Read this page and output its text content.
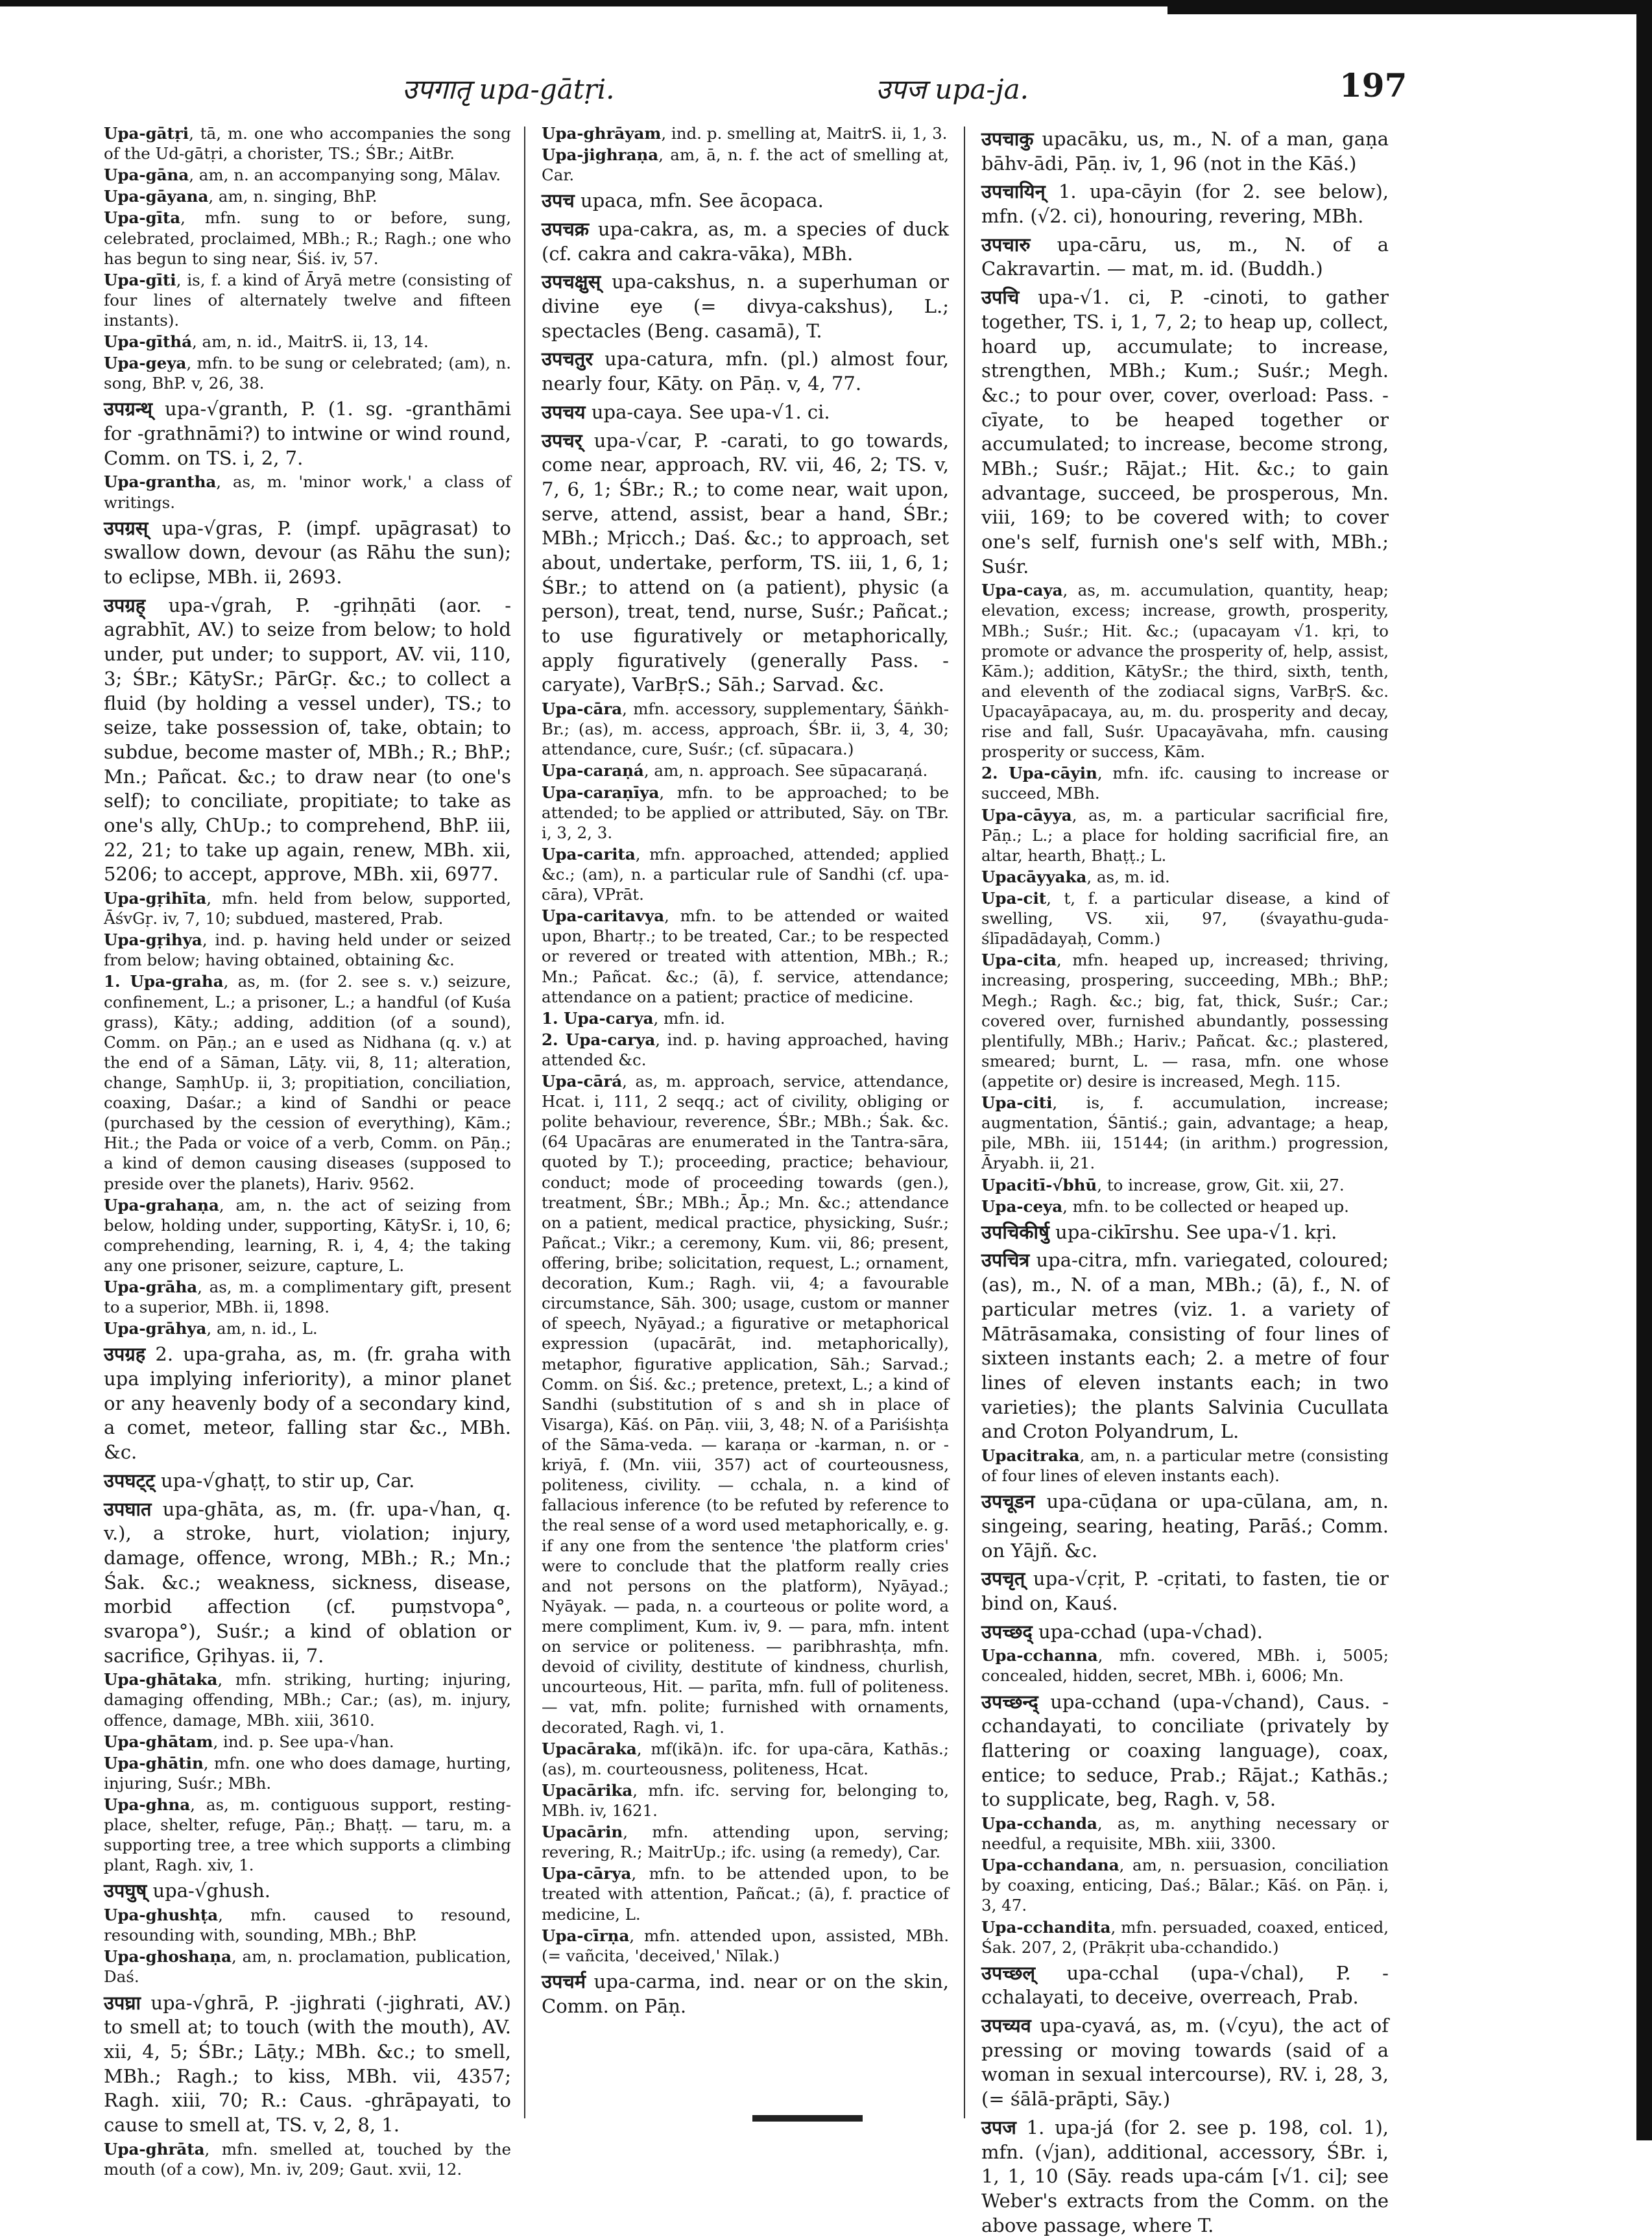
उपगातृ upa-gātṛi.	उपज upa-ja.	197

Upa-gātṛi, tā, m. one who accompanies the song of the Ud-gātṛi, a chorister, TS.; ŚBr.; AitBr.

Upa-gāna, am, n. an accompanying song, Mālav.

Upa-gāyana, am, n. singing, BhP.

Upa-gīta, mfn. sung to or before, sung, celebrated, proclaimed, MBh.; R.; Ragh.; one who has begun to sing near, Śiś. iv, 57.

Upa-gīti, is, f. a kind of Āryā metre (consisting of four lines of alternately twelve and fifteen instants).

Upa-gīthá, am, n. id., MaitrS. ii, 13, 14.

Upa-geya, mfn. to be sung or celebrated; (am), n. song, BhP. v, 26, 38.

उपग्रन्थ् upa-√granth, P. (1. sg. -granthāmi for -grathnāmi?) to intwine or wind round, Comm. on TS. i, 2, 7.

Upa-grantha, as, m. 'minor work,' a class of writings.

उपग्रस् upa-√gras, P. (impf. upāgrasat) to swallow down, devour (as Rāhu the sun); to eclipse, MBh. ii, 2693.

उपग्रह् upa-√grah, P. -gṛihṇāti (aor. -agrabhīt, AV.) to seize from below; to hold under, put under; to support, AV. vii, 110, 3; ŚBr.; KātySr.; PārGṛ. &c.; to collect a fluid (by holding a vessel under), TS.; to seize, take possession of, take, obtain; to subdue, become master of, MBh.; R.; BhP.; Mn.; Pañcat. &c.; to draw near (to one's self); to conciliate, propitiate; to take as one's ally, ChUp.; to comprehend, BhP. iii, 22, 21; to take up again, renew, MBh. xii, 5206; to accept, approve, MBh. xii, 6977.

Upa-gṛihīta, mfn. held from below, supported, ĀśvGṛ. iv, 7, 10; subdued, mastered, Prab.

Upa-gṛihya, ind. p. having held under or seized from below; having obtained, obtaining &c.

1. Upa-graha, as, m. (for 2. see s. v.) seizure, confinement, L.; a prisoner, L.; a handful (of Kuśa grass), Kāty.; adding, addition (of a sound), Comm. on Pāṇ.; an e used as Nidhana (q. v.) at the end of a Sāman, Lāṭy. vii, 8, 11; alteration, change, SaṃhUp. ii, 3; propitiation, conciliation, coaxing, Daśar.; a kind of Sandhi or peace (purchased by the cession of everything), Kām.; Hit.; the Pada or voice of a verb, Comm. on Pāṇ.; a kind of demon causing diseases (supposed to preside over the planets), Hariv. 9562.

Upa-grahaṇa, am, n. the act of seizing from below, holding under, supporting, KātySr. i, 10, 6; comprehending, learning, R. i, 4, 4; the taking any one prisoner, seizure, capture, L.

Upa-grāha, as, m. a complimentary gift, present to a superior, MBh. ii, 1898.

Upa-grāhya, am, n. id., L.

उपग्रह 2. upa-graha, as, m. (fr. graha with upa implying inferiority), a minor planet or any heavenly body of a secondary kind, a comet, meteor, falling star &c., MBh. &c.

उपघट्ट् upa-√ghaṭṭ, to stir up, Car.

उपघात upa-ghāta, as, m. (fr. upa-√han, q. v.), a stroke, hurt, violation; injury, damage, offence, wrong, MBh.; R.; Mn.; Śak. &c.; weakness, sickness, disease, morbid affection (cf. puṃstvopa°, svaropa°), Suśr.; a kind of oblation or sacrifice, Gṛihyas. ii, 7.

Upa-ghātaka, mfn. striking, hurting; injuring, damaging offending, MBh.; Car.; (as), m. injury, offence, damage, MBh. xiii, 3610.

Upa-ghātam, ind. p. See upa-√han.

Upa-ghātin, mfn. one who does damage, hurting, injuring, Suśr.; MBh.

Upa-ghna, as, m. contiguous support, resting-place, shelter, refuge, Pāṇ.; Bhaṭṭ. — taru, m. a supporting tree, a tree which supports a climbing plant, Ragh. xiv, 1.

उपघुष् upa-√ghush.

Upa-ghushṭa, mfn. caused to resound, resounding with, sounding, MBh.; BhP.

Upa-ghoshaṇa, am, n. proclamation, publication, Daś.

उपघ्रा upa-√ghrā, P. -jighrati (-jighrati, AV.) to smell at; to touch (with the mouth), AV. xii, 4, 5; ŚBr.; Lāṭy.; MBh. &c.; to smell, MBh.; Ragh.; to kiss, MBh. vii, 4357; Ragh. xiii, 70; R.: Caus. -ghrāpayati, to cause to smell at, TS. v, 2, 8, 1.

Upa-ghrāta, mfn. smelled at, touched by the mouth (of a cow), Mn. iv, 209; Gaut. xvii, 12.

Upa-ghrāyam, ind. p. smelling at, MaitrS. ii, 1, 3.

Upa-jighraṇa, am, ā, n. f. the act of smelling at, Car.

उपच upaca, mfn. See ācopaca.

उपचक्र upa-cakra, as, m. a species of duck (cf. cakra and cakra-vāka), MBh.

उपचक्षुस् upa-cakshus, n. a superhuman or divine eye (= divya-cakshus), L.; spectacles (Beng. casamā), T.

उपचतुर upa-catura, mfn. (pl.) almost four, nearly four, Kāty. on Pāṇ. v, 4, 77.

उपचय upa-caya. See upa-√1. ci.

उपचर् upa-√car, P. -carati, to go towards, come near, approach, RV. vii, 46, 2; TS. v, 7, 6, 1; ŚBr.; R.; to come near, wait upon, serve, attend, assist, bear a hand, ŚBr.; MBh.; Mṛicch.; Daś. &c.; to approach, set about, undertake, perform, TS. iii, 1, 6, 1; ŚBr.; to attend on (a patient), physic (a person), treat, tend, nurse, Suśr.; Pañcat.; to use figuratively or metaphorically, apply figuratively (generally Pass. -caryate), VarBṛS.; Sāh.; Sarvad. &c.

Upa-cāra, mfn. accessory, supplementary, Śāṅkh-Br.; (as), m. access, approach, ŚBr. ii, 3, 4, 30; attendance, cure, Suśr.; (cf. sūpacara.)

Upa-caraṇá, am, n. approach. See sūpacaraṇá.

Upa-caraṇīya, mfn. to be approached; to be attended; to be applied or attributed, Sāy. on TBr. i, 3, 2, 3.

Upa-carita, mfn. approached, attended; applied &c.; (am), n. a particular rule of Sandhi (cf. upa-cāra), VPrāt.

Upa-caritavya, mfn. to be attended or waited upon, Bhartṛ.; to be treated, Car.; to be respected or revered or treated with attention, MBh.; R.; Mn.; Pañcat. &c.; (ā), f. service, attendance; attendance on a patient; practice of medicine.

1. Upa-carya, mfn. id.

2. Upa-carya, ind. p. having approached, having attended &c.

Upa-cārá, as, m. approach, service, attendance, Hcat. i, 111, 2 seqq.; act of civility, obliging or polite behaviour, reverence, ŚBr.; MBh.; Śak. &c. (64 Upacāras are enumerated in the Tantra-sāra, quoted by T.); proceeding, practice; behaviour, conduct; mode of proceeding towards (gen.), treatment, ŚBr.; MBh.; Āp.; Mn. &c.; attendance on a patient, medical practice, physicking, Suśr.; Pañcat.; Vikr.; a ceremony, Kum. vii, 86; present, offering, bribe; solicitation, request, L.; ornament, decoration, Kum.; Ragh. vii, 4; a favourable circumstance, Sāh. 300; usage, custom or manner of speech, Nyāyad.; a figurative or metaphorical expression (upacārāt, ind. metaphorically), metaphor, figurative application, Sāh.; Sarvad.; Comm. on Śiś. &c.; pretence, pretext, L.; a kind of Sandhi (substitution of s and sh in place of Visarga), Kāś. on Pāṇ. viii, 3, 48; N. of a Pariśishṭa of the Sāma-veda. — karaṇa or -karman, n. or -kriyā, f. (Mn. viii, 357) act of courteousness, politeness, civility. — cchala, n. a kind of fallacious inference (to be refuted by reference to the real sense of a word used metaphorically, e. g. if any one from the sentence 'the platform cries' were to conclude that the platform really cries and not persons on the platform), Nyāyad.; Nyāyak. — pada, n. a courteous or polite word, a mere compliment, Kum. iv, 9. — para, mfn. intent on service or politeness. — paribhrashṭa, mfn. devoid of civility, destitute of kindness, churlish, uncourteous, Hit. — parīta, mfn. full of politeness. — vat, mfn. polite; furnished with ornaments, decorated, Ragh. vi, 1.

Upacāraka, mf(ikā)n. ifc. for upa-cāra, Kathās.; (as), m. courteousness, politeness, Hcat.

Upacārika, mfn. ifc. serving for, belonging to, MBh. iv, 1621.

Upacārin, mfn. attending upon, serving; revering, R.; MaitrUp.; ifc. using (a remedy), Car.

Upa-cārya, mfn. to be attended upon, to be treated with attention, Pañcat.; (ā), f. practice of medicine, L.

Upa-cīrṇa, mfn. attended upon, assisted, MBh. (= vañcita, 'deceived,' Nīlak.)

उपचर्म upa-carma, ind. near or on the skin, Comm. on Pāṇ.

उपचाकु upacāku, us, m., N. of a man, gaṇa bāhv-ādi, Pāṇ. iv, 1, 96 (not in the Kāś.)

उपचायिन् 1. upa-cāyin (for 2. see below), mfn. (√2. ci), honouring, revering, MBh.

उपचारु upa-cāru, us, m., N. of a Cakravartin. — mat, m. id. (Buddh.)

उपचि upa-√1. ci, P. -cinoti, to gather together, TS. i, 1, 7, 2; to heap up, collect, hoard up, accumulate; to increase, strengthen, MBh.; Kum.; Suśr.; Megh. &c.; to pour over, cover, overload: Pass. -cīyate, to be heaped together or accumulated; to increase, become strong, MBh.; Suśr.; Rājat.; Hit. &c.; to gain advantage, succeed, be prosperous, Mn. viii, 169; to be covered with; to cover one's self, furnish one's self with, MBh.; Suśr.

Upa-caya, as, m. accumulation, quantity, heap; elevation, excess; increase, growth, prosperity, MBh.; Suśr.; Hit. &c.; (upacayam √1. kṛi, to promote or advance the prosperity of, help, assist, Kām.); addition, KātySr.; the third, sixth, tenth, and eleventh of the zodiacal signs, VarBṛS. &c. Upacayāpacaya, au, m. du. prosperity and decay, rise and fall, Suśr. Upacayāvaha, mfn. causing prosperity or success, Kām.

2. Upa-cāyin, mfn. ifc. causing to increase or succeed, MBh.

Upa-cāyya, as, m. a particular sacrificial fire, Pāṇ.; L.; a place for holding sacrificial fire, an altar, hearth, Bhaṭṭ.; L.

Upacāyyaka, as, m. id.

Upa-cit, t, f. a particular disease, a kind of swelling, VS. xii, 97, (śvayathu-guda-ślīpadādayaḥ, Comm.)

Upa-cita, mfn. heaped up, increased; thriving, increasing, prospering, succeeding, MBh.; BhP.; Megh.; Ragh. &c.; big, fat, thick, Suśr.; Car.; covered over, furnished abundantly, possessing plentifully, MBh.; Hariv.; Pañcat. &c.; plastered, smeared; burnt, L. — rasa, mfn. one whose (appetite or) desire is increased, Megh. 115.

Upa-citi, is, f. accumulation, increase; augmentation, Śāntiś.; gain, advantage; a heap, pile, MBh. iii, 15144; (in arithm.) progression, Āryabh. ii, 21.

Upacitī-√bhū, to increase, grow, Git. xii, 27.

Upa-ceya, mfn. to be collected or heaped up.

उपचिकीर्षु upa-cikīrshu. See upa-√1. kṛi.

उपचित्र upa-citra, mfn. variegated, coloured; (as), m., N. of a man, MBh.; (ā), f., N. of particular metres (viz. 1. a variety of Mātrāsamaka, consisting of four lines of sixteen instants each; 2. a metre of four lines of eleven instants each; in two varieties); the plants Salvinia Cucullata and Croton Polyandrum, L.

Upacitraka, am, n. a particular metre (consisting of four lines of eleven instants each).

उपचूडन upa-cūḍana or upa-cūlana, am, n. singeing, searing, heating, Parāś.; Comm. on Yājñ. &c.

उपचृत् upa-√cṛit, P. -cṛitati, to fasten, tie or bind on, Kauś.

उपच्छद् upa-cchad (upa-√chad).

Upa-cchanna, mfn. covered, MBh. i, 5005; concealed, hidden, secret, MBh. i, 6006; Mn.

उपच्छन्द् upa-cchand (upa-√chand), Caus. -cchandayati, to conciliate (privately by flattering or coaxing language), coax, entice; to seduce, Prab.; Rājat.; Kathās.; to supplicate, beg, Ragh. v, 58.

Upa-cchanda, as, m. anything necessary or needful, a requisite, MBh. xiii, 3300.

Upa-cchandana, am, n. persuasion, conciliation by coaxing, enticing, Daś.; Bālar.; Kāś. on Pāṇ. i, 3, 47.

Upa-cchandita, mfn. persuaded, coaxed, enticed, Śak. 207, 2, (Prākṛit uba-cchandido.)

उपच्छल् upa-cchal (upa-√chal), P. -cchalayati, to deceive, overreach, Prab.

उपच्यव upa-cyavá, as, m. (√cyu), the act of pressing or moving towards (said of a woman in sexual intercourse), RV. i, 28, 3, (= śālā-prāpti, Sāy.)

उपज 1. upa-já (for 2. see p. 198, col. 1), mfn. (√jan), additional, accessory, ŚBr. i, 1, 1, 10 (Sāy. reads upa-cám [√1. ci]; see Weber's extracts from the Comm. on the above passage, where T.
